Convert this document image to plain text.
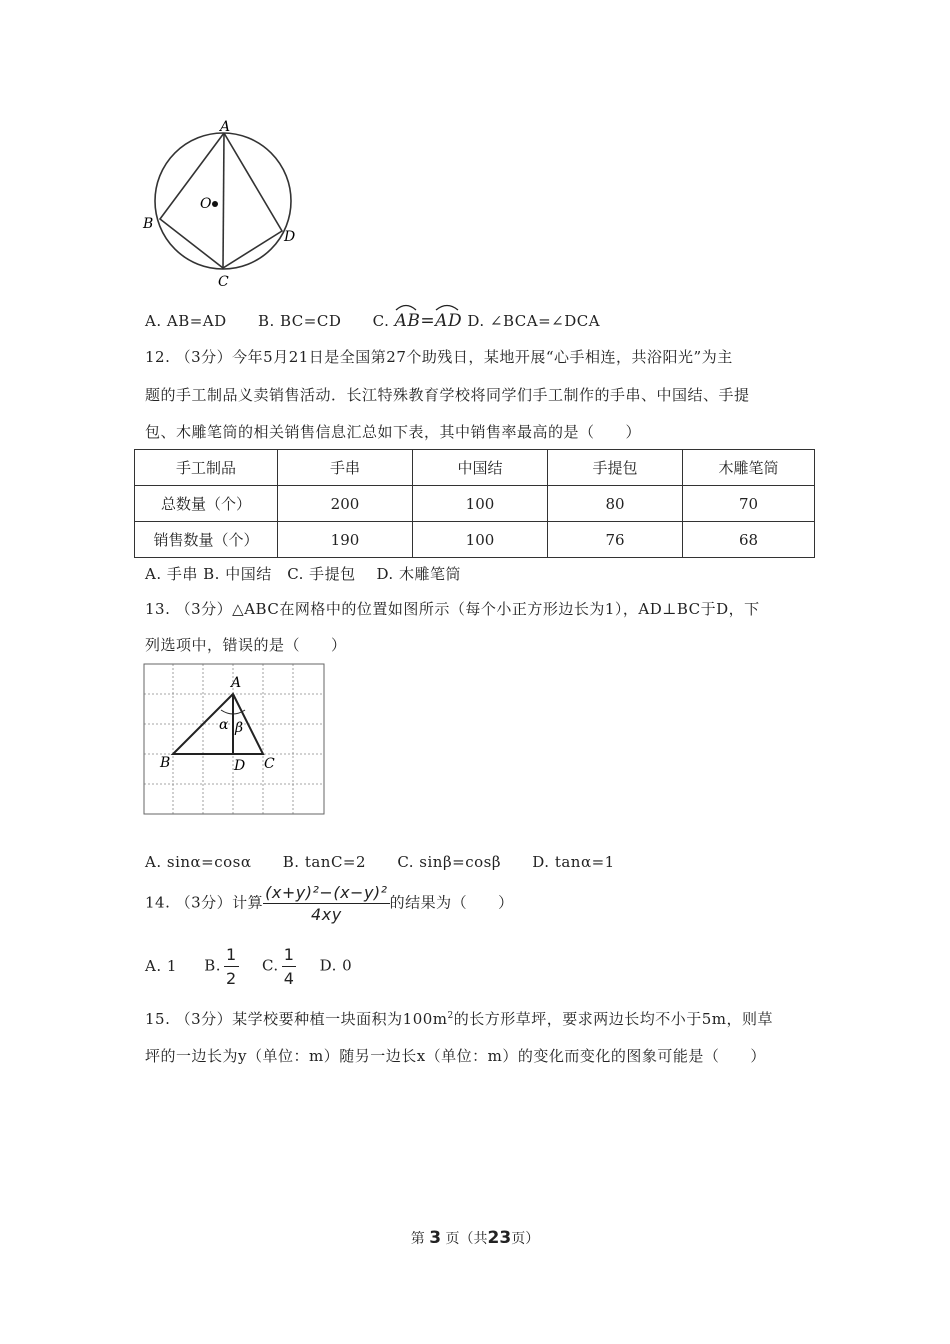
A
O
B
D
C
A. AB=AD B. BC=CD C. AB=
AD D. ∠BCA=∠DCA
12. （3分）今年5月21日是全国第27个助残日，某地开展“心手相连，共浴阳光”为主
题的手工制品义卖销售活动．长江特殊教育学校将同学们手工制作的手串、中国结、手提
包、木雕笔筒的相关销售信息汇总如下表，其中销售率最高的是（　　）
手工制品	手串	中国结	手提包	木雕笔筒
总数量（个）	200	100	80	70
销售数量（个）	190	100	76	68
A. 手串 B. 中国结　C. 手提包　 D. 木雕笔筒
13. （3分）△ABC在网格中的位置如图所示（每个小正方形边长为1），AD⊥BC于D，下
列选项中，错误的是（　　）
A
α β
B	D C
A. sinα=cosα B. tanC=2 C. sinβ=cosβ D. tanα=1
14. （3分）计算 $\frac{\text{(x+y)²−(x−y)²}}{4xy}$ 的结果为（　　）
A. 1 B. $\frac{1}{2} C$. $\frac{1}{4} D$. 0
15. （3分）某学校要种植一块面积为$100m^2$的长方形草坪，要求两边长均不小于5m，则草
坪的一边长为y（单位：m）随另一边长x（单位：m）的变化而变化的图象可能是（　　）
第 3 页（共23页）
